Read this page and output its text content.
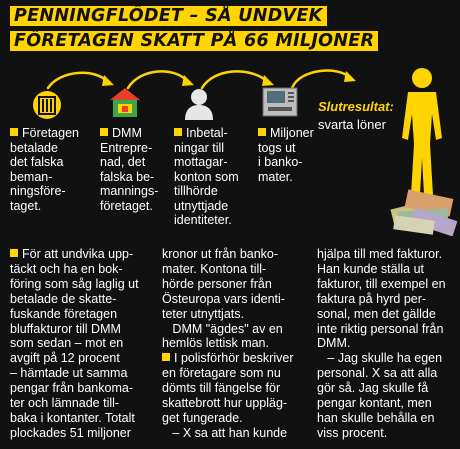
PENNINGFLÖDET – SÅ UNDVEK
FÖRETAGEN SKATT PÅ 66 MILJONER
Företagen
betalade
det falska
beman-
ningsföre-
taget.
DMM
Entrepre-
nad, det
falska be-
mannings-
företaget.
Inbetal-
ningar till
mottagar-
konton som
tillhörde
utnyttjade
identiteter.
Miljoner
togs ut
i banko-
mater.
Slutresultat:
svarta löner
För att undvika upp-
täckt och ha en bok-
föring som såg laglig ut
betalade de skatte-
fuskande företagen
bluffakturor till DMM
som sedan – mot en
avgift på 12 procent
– hämtade ut samma
pengar från bankoma-
ter och lämnade till-
baka i kontanter. Totalt
plockades 51 miljoner
kronor ut från banko-
mater. Kontona till-
hörde personer från
Östeuropa vars identi-
teter utnyttjats.
DMM "ägdes" av en
hemlös lettisk man.
I polisförhör beskriver
en företagare som nu
dömts till fängelse för
skattebrott hur uppläg-
get fungerade.
– X sa att han kunde
hjälpa till med fakturor.
Han kunde ställa ut
fakturor, till exempel en
faktura på hyrd per-
sonal, men det gällde
inte riktig personal från
DMM.
– Jag skulle ha egen
personal. X sa att alla
gör så. Jag skulle få
pengar kontant, men
han skulle behålla en
viss procent.
